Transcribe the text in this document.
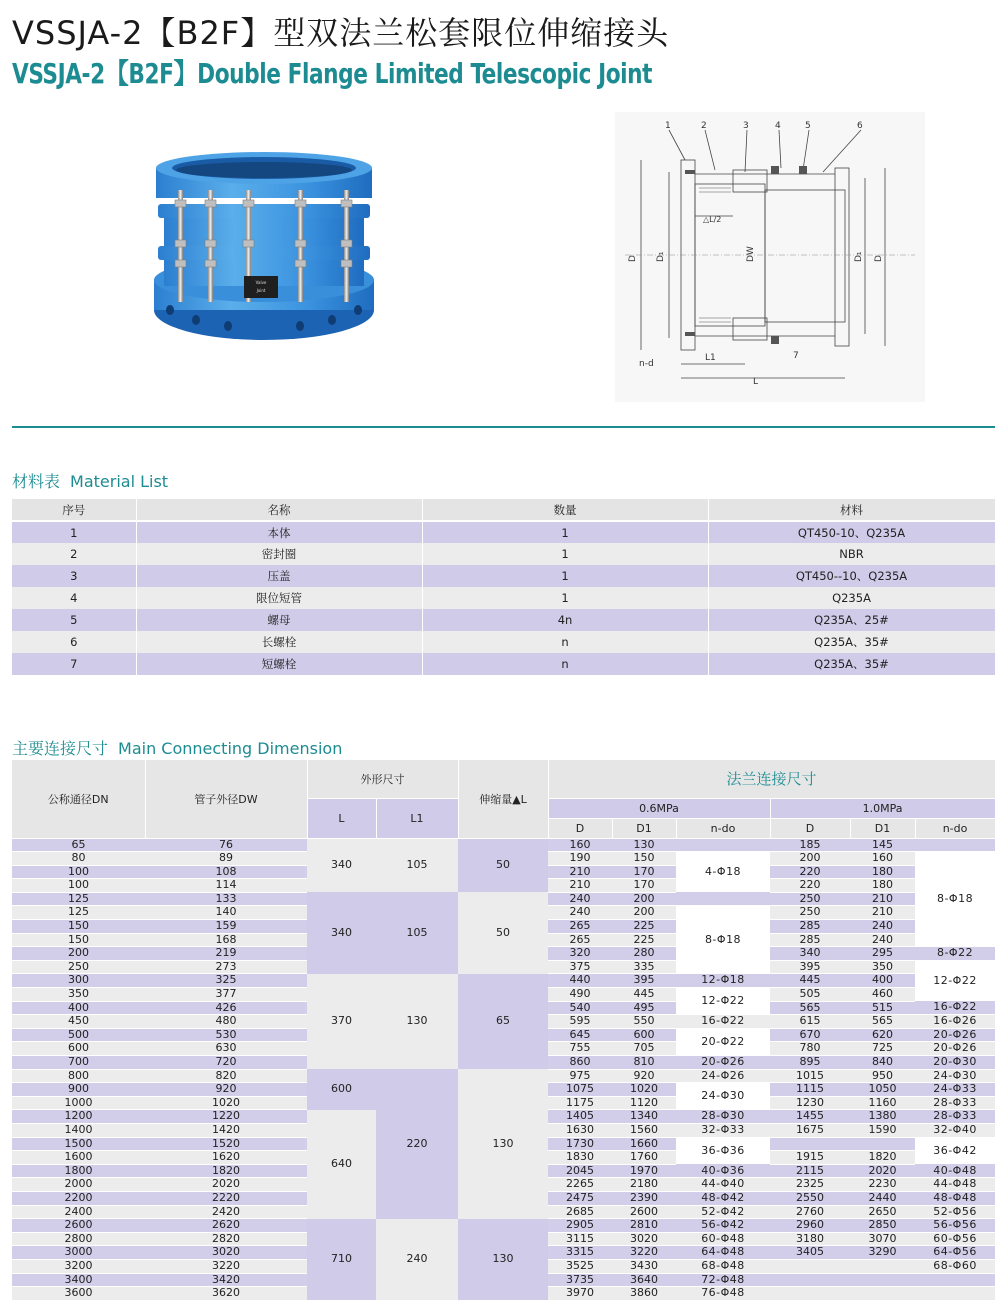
VSSJA-2【B2F】型双法兰松套限位伸缩接头
VSSJA-2【B2F】Double Flange Limited Telescopic Joint
Valve
Joint
1	2	3	4	5	6
7
△L/2
D D₁	DW	D₁ D
n-d
L1
L
材料表 Material List
序号	名称	数量	材料
1	本体	1	QT450-10、Q235A
2	密封圈	1	NBR
3	压盖	1	QT450--10、Q235A
4	限位短管	1	Q235A
5	螺母	4n	Q235A、25#
6	长螺栓	n	Q235A、35#
7	短螺栓	n	Q235A、35#
主要连接尺寸 Main Connecting Dimension
公称通径DN	管子外径DW	外形尺寸		伸缩量▲L	法兰连接尺寸					
		L	L1		0.6MPa			1.0MPa		
					D	D1	n-do	D	D1	n-do
65	76	340	105	50	160	130		185	145	
80	89				190	150	4-Φ18	200	160	8-Φ18
100	108				210	170		220	180	
100	114				210	170		220	180	
125	133	340	105	50	240	200		250	210	
125	140				240	200	8-Φ18	250	210	
150	159				265	225		285	240	
150	168				265	225		285	240	
200	219				320	280		340	295	8-Φ22
250	273				375	335		395	350	12-Φ22
300	325	370	130	65	440	395	12-Φ18	445	400	
350	377				490	445	12-Φ22	505	460	
400	426				540	495		565	515	16-Φ22
450	480				595	550	16-Φ22	615	565	16-Φ26
500	530				645	600	20-Φ22	670	620	20-Φ26
600	630				755	705		780	725	20-Φ26
700	720				860	810	20-Φ26	895	840	20-Φ30
800	820	600	220	130	975	920	24-Φ26	1015	950	24-Φ30
900	920				1075	1020	24-Φ30	1115	1050	24-Φ33
1000	1020				1175	1120		1230	1160	28-Φ33
1200	1220	640			1405	1340	28-Φ30	1455	1380	28-Φ33
1400	1420				1630	1560	32-Φ33	1675	1590	32-Φ40
1500	1520				1730	1660	36-Φ36			36-Φ42
1600	1620				1830	1760		1915	1820	
1800	1820				2045	1970	40-Φ36	2115	2020	40-Φ48
2000	2020				2265	2180	44-Φ40	2325	2230	44-Φ48
2200	2220				2475	2390	48-Φ42	2550	2440	48-Φ48
2400	2420				2685	2600	52-Φ42	2760	2650	52-Φ56
2600	2620	710	240	130	2905	2810	56-Φ42	2960	2850	56-Φ56
2800	2820				3115	3020	60-Φ48	3180	3070	60-Φ56
3000	3020				3315	3220	64-Φ48	3405	3290	64-Φ56
3200	3220				3525	3430	68-Φ48			68-Φ60
3400	3420				3735	3640	72-Φ48			
3600	3620				3970	3860	76-Φ48			
